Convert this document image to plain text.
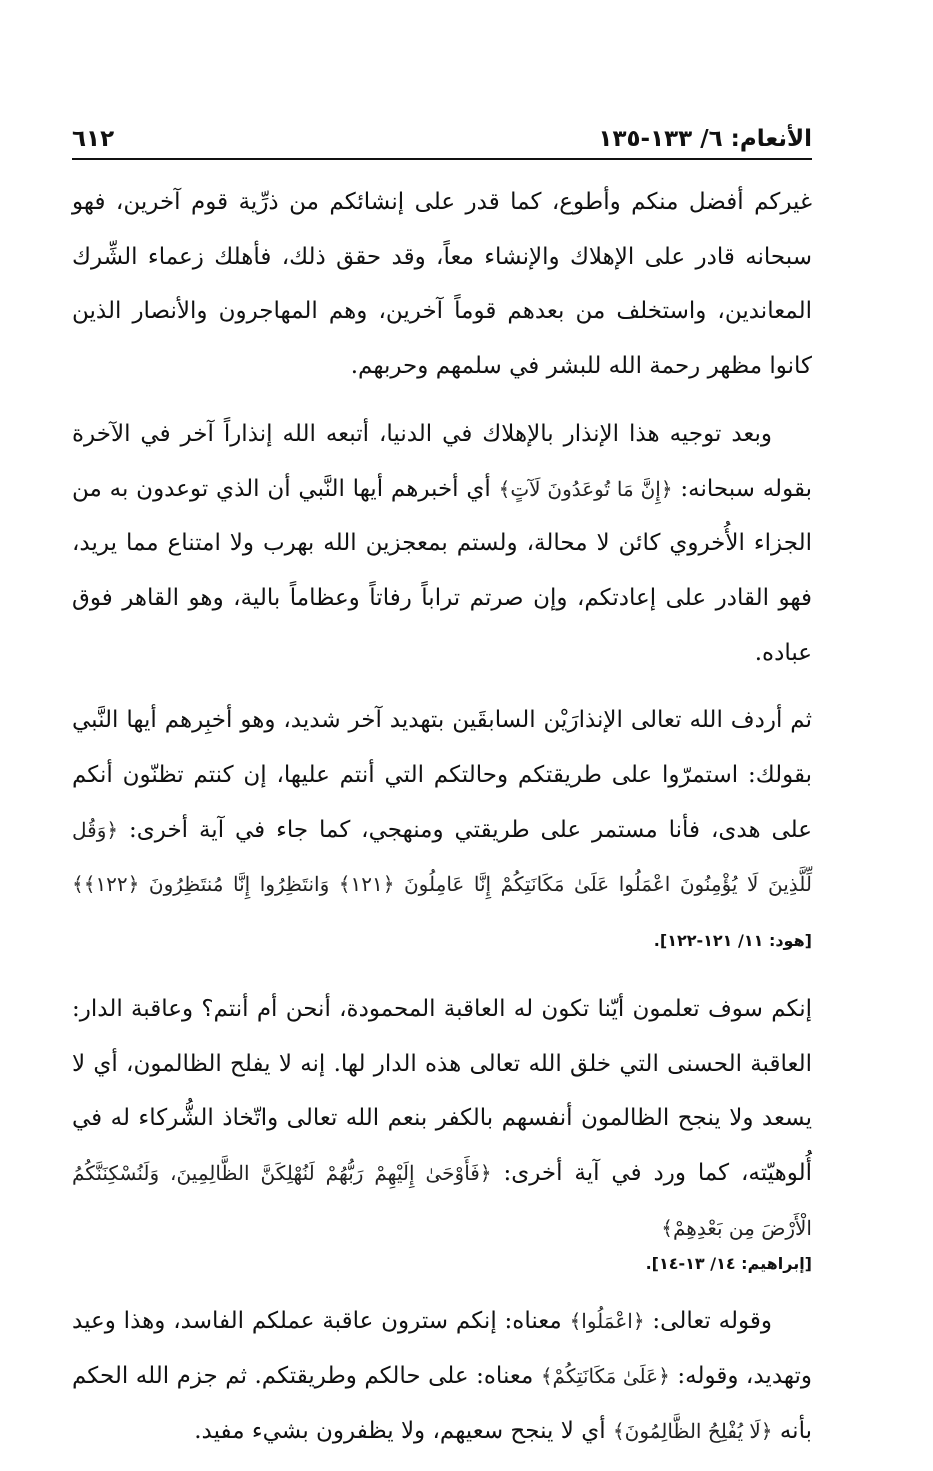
الأنعام: ٦/ ١٣٣-١٣٥
٦١٢

غيركم أفضل منكم وأطوع، كما قدر على إنشائكم من ذرِّية قوم آخرين، فهو سبحانه قادر على الإهلاك والإنشاء معاً، وقد حقق ذلك، فأهلك زعماء الشِّرك المعاندين، واستخلف من بعدهم قوماً آخرين، وهم المهاجرون والأنصار الذين كانوا مظهر رحمة الله للبشر في سلمهم وحربهم.

وبعد توجيه هذا الإنذار بالإهلاك في الدنيا، أتبعه الله إنذاراً آخر في الآخرة بقوله سبحانه: ﴿إِنَّ مَا تُوعَدُونَ لَآتٍ﴾ أي أخبرهم أيها النَّبي أن الذي توعدون به من الجزاء الأُخروي كائن لا محالة، ولستم بمعجزين الله بهرب ولا امتناع مما يريد، فهو القادر على إعادتكم، وإن صرتم تراباً رفاتاً وعظاماً بالية، وهو القاهر فوق عباده.

ثم أردف الله تعالى الإنذارَيْن السابقَين بتهديد آخر شديد، وهو أخبِرهم أيها النَّبي بقولك: استمرّوا على طريقتكم وحالتكم التي أنتم عليها، إن كنتم تظنّون أنكم على هدى، فأنا مستمر على طريقتي ومنهجي، كما جاء في آية أخرى: ﴿وَقُل لِّلَّذِينَ لَا يُؤْمِنُونَ اعْمَلُوا عَلَىٰ مَكَانَتِكُمْ إِنَّا عَامِلُونَ ﴿١٢١﴾ وَانتَظِرُوا إِنَّا مُنتَظِرُونَ ﴿١٢٢﴾﴾ [هود: ١١/ ١٢١-١٢٢].

إنكم سوف تعلمون أيّنا تكون له العاقبة المحمودة، أنحن أم أنتم؟ وعاقبة الدار: العاقبة الحسنى التي خلق الله تعالى هذه الدار لها. إنه لا يفلح الظالمون، أي لا يسعد ولا ينجح الظالمون أنفسهم بالكفر بنعم الله تعالى واتّخاذ الشُّركاء له في أُلوهيّته، كما ورد في آية أخرى: ﴿فَأَوْحَىٰ إِلَيْهِمْ رَبُّهُمْ لَنُهْلِكَنَّ الظَّالِمِينَ، وَلَنُسْكِنَنَّكُمُ الْأَرْضَ مِن بَعْدِهِمْ﴾
[إبراهيم: ١٤/ ١٣-١٤].

وقوله تعالى: ﴿اعْمَلُوا﴾ معناه: إنكم سترون عاقبة عملكم الفاسد، وهذا وعيد وتهديد، وقوله: ﴿عَلَىٰ مَكَانَتِكُمْ﴾ معناه: على حالكم وطريقتكم. ثم جزم الله الحكم بأنه ﴿لَا يُفْلِحُ الظَّالِمُونَ﴾ أي لا ينجح سعيهم، ولا يظفرون بشيء مفيد.
